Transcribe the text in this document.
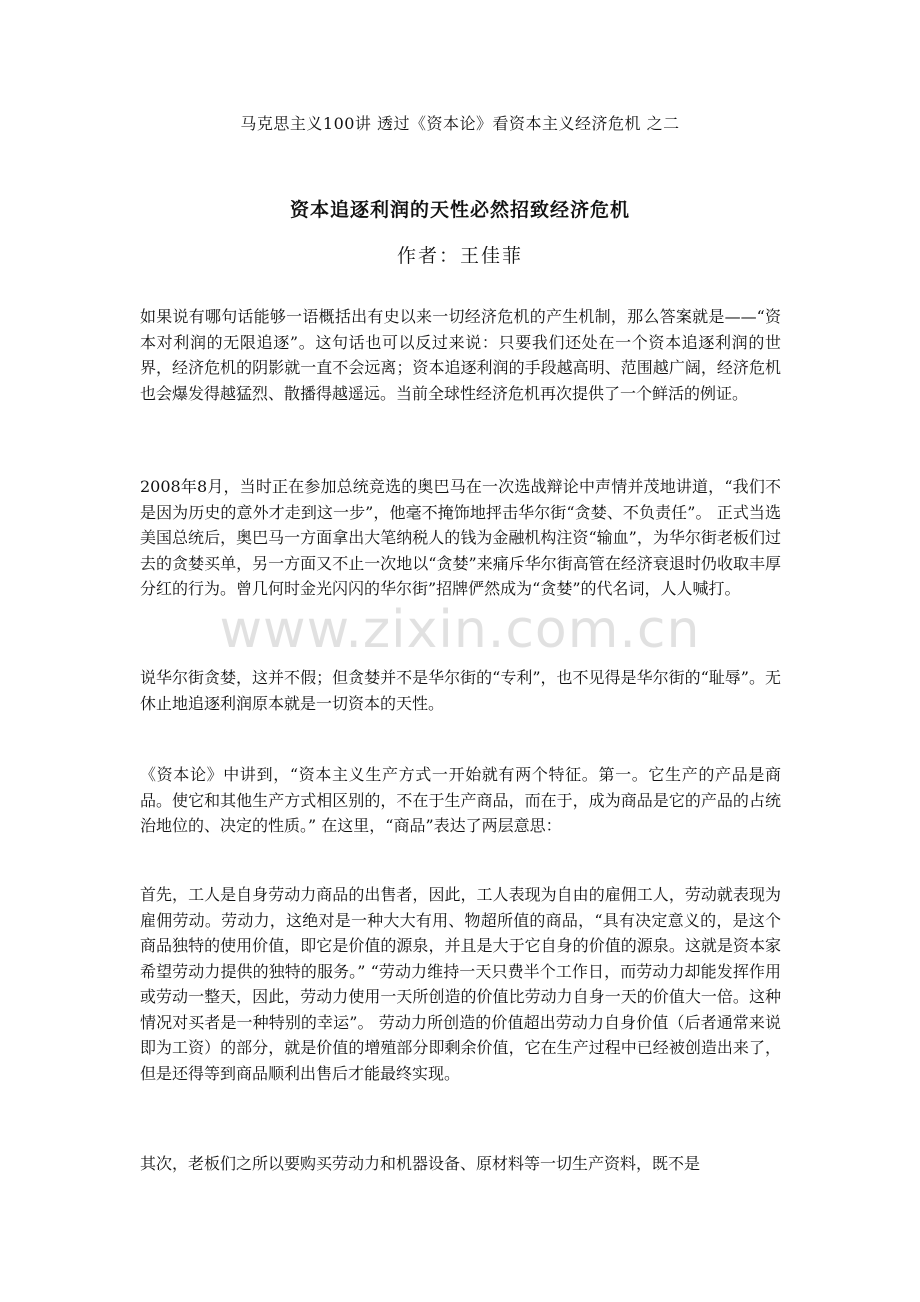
马克思主义100讲 透过《资本论》看资本主义经济危机 之二
资本追逐利润的天性必然招致经济危机
作者：王佳菲

如果说有哪句话能够一语概括出有史以来一切经济危机的产生机制，那么答案就是——“资本对利润的无限追逐”。这句话也可以反过来说：只要我们还处在一个资本追逐利润的世界，经济危机的阴影就一直不会远离；资本追逐利润的手段越高明、范围越广阔，经济危机也会爆发得越猛烈、散播得越遥远。当前全球性经济危机再次提供了一个鲜活的例证。

2008年8月，当时正在参加总统竞选的奥巴马在一次选战辩论中声情并茂地讲道，“我们不是因为历史的意外才走到这一步”，他毫不掩饰地抨击华尔街“贪婪、不负责任”。 正式当选美国总统后，奥巴马一方面拿出大笔纳税人的钱为金融机构注资“输血”，为华尔街老板们过去的贪婪买单，另一方面又不止一次地以“贪婪”来痛斥华尔街高管在经济衰退时仍收取丰厚分红的行为。曾几何时金光闪闪的华尔街”招牌俨然成为“贪婪”的代名词，人人喊打。

说华尔街贪婪，这并不假；但贪婪并不是华尔街的“专利”，也不见得是华尔街的“耻辱”。无休止地追逐利润原本就是一切资本的天性。

《资本论》中讲到，“资本主义生产方式一开始就有两个特征。第一。它生产的产品是商品。使它和其他生产方式相区别的，不在于生产商品，而在于，成为商品是它的产品的占统治地位的、决定的性质。” 在这里，“商品”表达了两层意思：

首先，工人是自身劳动力商品的出售者，因此，工人表现为自由的雇佣工人，劳动就表现为雇佣劳动。劳动力，这绝对是一种大大有用、物超所值的商品，“具有决定意义的，是这个商品独特的使用价值，即它是价值的源泉，并且是大于它自身的价值的源泉。这就是资本家希望劳动力提供的独特的服务。” “劳动力维持一天只费半个工作日，而劳动力却能发挥作用或劳动一整天，因此，劳动力使用一天所创造的价值比劳动力自身一天的价值大一倍。这种情况对买者是一种特别的幸运”。 劳动力所创造的价值超出劳动力自身价值（后者通常来说即为工资）的部分，就是价值的增殖部分即剩余价值，它在生产过程中已经被创造出来了，但是还得等到商品顺利出售后才能最终实现。

其次，老板们之所以要购买劳动力和机器设备、原材料等一切生产资料，既不是

www.zixin.com.cn
